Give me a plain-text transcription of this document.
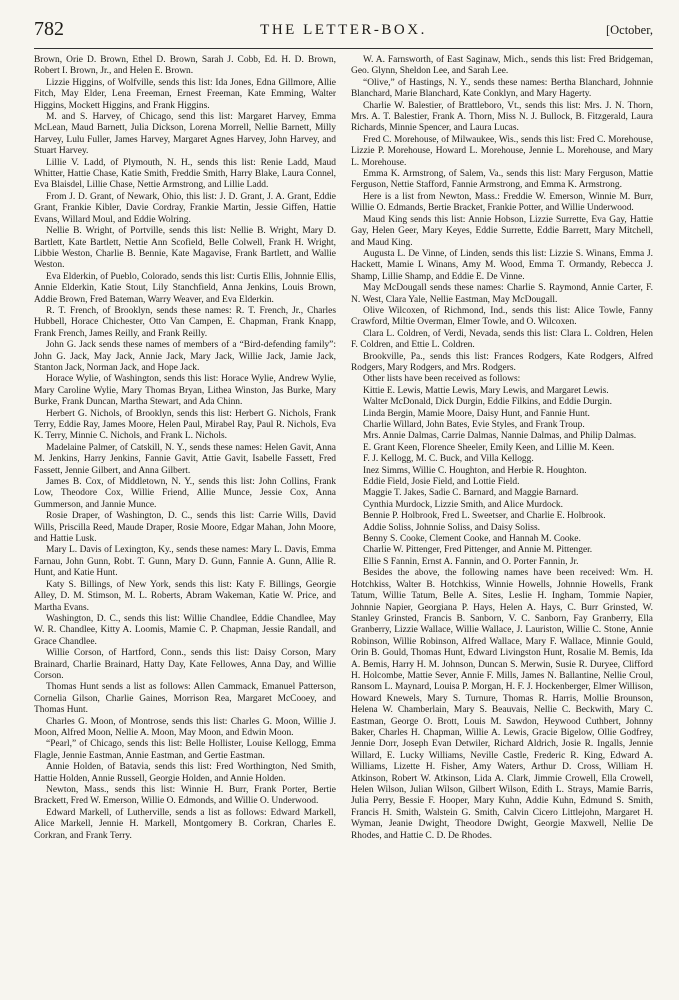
782	THE LETTER-BOX.	[October,

Brown, Orie D. Brown, Ethel D. Brown, Sarah J. Cobb, Ed. H. D. Brown, Robert I. Brown, Jr., and Helen E. Brown.

Lizzie Higgins, of Wolfville, sends this list: Ida Jones, Edna Gillmore, Allie Fitch, May Elder, Lena Freeman, Ernest Freeman, Kate Emming, Walter Higgins, Mockett Higgins, and Frank Higgins.

M. and S. Harvey, of Chicago, send this list: Margaret Harvey, Emma McLean, Maud Barnett, Julia Dickson, Lorena Morrell, Nellie Barnett, Milly Harvey, Lulu Fuller, James Harvey, Margaret Agnes Harvey, John Harvey, and Stuart Harvey.

Lillie V. Ladd, of Plymouth, N. H., sends this list: Renie Ladd, Maud Whitter, Hattie Chase, Katie Smith, Freddie Smith, Harry Blake, Laura Connel, Eva Blaisdel, Lillie Chase, Nettie Armstrong, and Lillie Ladd.

From J. D. Grant, of Newark, Ohio, this list: J. D. Grant, J. A. Grant, Eddie Grant, Frankie Kibler, Davie Cordray, Frankie Martin, Jessie Giffen, Hattie Evans, Willard Moul, and Eddie Wolring.

Nellie B. Wright, of Portville, sends this list: Nellie B. Wright, Mary D. Bartlett, Kate Bartlett, Nettie Ann Scofield, Belle Colwell, Frank H. Wright, Libbie Weston, Charlie B. Bennie, Kate Magavise, Frank Bartlett, and Wallie Weston.

Eva Elderkin, of Pueblo, Colorado, sends this list: Curtis Ellis, Johnnie Ellis, Annie Elderkin, Katie Stout, Lily Stanchfield, Anna Jenkins, Louis Brown, Addie Brown, Fred Bateman, Warry Weaver, and Eva Elderkin.

R. T. French, of Brooklyn, sends these names: R. T. French, Jr., Charles Hubbell, Horace Chichester, Otto Van Campen, E. Chapman, Frank Knapp, Frank French, James Reilly, and Frank Reilly.

John G. Jack sends these names of members of a “Bird-defending family”: John G. Jack, May Jack, Annie Jack, Mary Jack, Willie Jack, Jamie Jack, Stanton Jack, Norman Jack, and Hope Jack.

Horace Wylie, of Washington, sends this list: Horace Wylie, Andrew Wylie, Mary Caroline Wylie, Mary Thomas Bryan, Lithea Winston, Jas Burke, Mary Burke, Frank Duncan, Martha Stewart, and Ada Chinn.

Herbert G. Nichols, of Brooklyn, sends this list: Herbert G. Nichols, Frank Terry, Eddie Ray, James Moore, Helen Paul, Mirabel Ray, Paul R. Nichols, Eva K. Terry, Minnie C. Nichols, and Frank L. Nichols.

Madelaine Palmer, of Catskill, N. Y., sends these names: Helen Gavit, Anna M. Jenkins, Harry Jenkins, Fannie Gavit, Attie Gavit, Isabelle Fassett, Fred Fassett, Jennie Gilbert, and Anna Gilbert.

James B. Cox, of Middletown, N. Y., sends this list: John Collins, Frank Low, Theodore Cox, Willie Friend, Allie Munce, Jessie Cox, Anna Gummerson, and Jannie Munce.

Rosie Draper, of Washington, D. C., sends this list: Carrie Wills, David Wills, Priscilla Reed, Maude Draper, Rosie Moore, Edgar Mahan, John Moore, and Hattie Lusk.

Mary L. Davis of Lexington, Ky., sends these names: Mary L. Davis, Emma Farnau, John Gunn, Robt. T. Gunn, Mary D. Gunn, Fannie A. Gunn, Allie R. Hunt, and Katie Hunt.

Katy S. Billings, of New York, sends this list: Katy F. Billings, Georgie Alley, D. M. Stimson, M. L. Roberts, Abram Wakeman, Katie W. Price, and Martha Evans.

Washington, D. C., sends this list: Willie Chandlee, Eddie Chandlee, May W. R. Chandlee, Kitty A. Loomis, Mamie C. P. Chapman, Jessie Randall, and Grace Chandlee.

Willie Corson, of Hartford, Conn., sends this list: Daisy Corson, Mary Brainard, Charlie Brainard, Hatty Day, Kate Fellowes, Anna Day, and Willie Corson.

Thomas Hunt sends a list as follows: Allen Cammack, Emanuel Patterson, Cornelia Gilson, Charlie Gaines, Morrison Rea, Margaret McCooey, and Thomas Hunt.

Charles G. Moon, of Montrose, sends this list: Charles G. Moon, Willie J. Moon, Alfred Moon, Nellie A. Moon, May Moon, and Edwin Moon.

“Pearl,” of Chicago, sends this list: Belle Hollister, Louise Kellogg, Emma Flagle, Jennie Eastman, Annie Eastman, and Gertie Eastman.

Annie Holden, of Batavia, sends this list: Fred Worthington, Ned Smith, Hattie Holden, Annie Russell, Georgie Holden, and Annie Holden.

Newton, Mass., sends this list: Winnie H. Burr, Frank Porter, Bertie Brackett, Fred W. Emerson, Willie O. Edmonds, and Willie O. Underwood.

Edward Markell, of Lutherville, sends a list as follows: Edward Markell, Alice Markell, Jennie H. Markell, Montgomery B. Corkran, Charles E. Corkran, and Frank Terry.

W. A. Farnsworth, of East Saginaw, Mich., sends this list: Fred Bridgeman, Geo. Glynn, Sheldon Lee, and Sarah Lee.

“Olive,” of Hastings, N. Y., sends these names: Bertha Blanchard, Johnnie Blanchard, Marie Blanchard, Kate Conklyn, and Mary Hagerty.

Charlie W. Balestier, of Brattleboro, Vt., sends this list: Mrs. J. N. Thorn, Mrs. A. T. Balestier, Frank A. Thorn, Miss N. J. Bullock, B. Fitzgerald, Laura Richards, Minnie Spencer, and Laura Lucas.

Fred C. Morehouse, of Milwaukee, Wis., sends this list: Fred C. Morehouse, Lizzie P. Morehouse, Howard L. Morehouse, Jennie L. Morehouse, and Mary L. Morehouse.

Emma K. Armstrong, of Salem, Va., sends this list: Mary Ferguson, Mattie Ferguson, Nettie Stafford, Fannie Armstrong, and Emma K. Armstrong.

Here is a list from Newton, Mass.: Freddie W. Emerson, Winnie M. Burr, Willie O. Edmands, Bertie Bracket, Frankie Potter, and Willie Underwood.

Maud King sends this list: Annie Hobson, Lizzie Surrette, Eva Gay, Hattie Gay, Helen Geer, Mary Keyes, Eddie Surrette, Eddie Barrett, Mary Mitchell, and Maud King.

Augusta L. De Vinne, of Linden, sends this list: Lizzie S. Winans, Emma J. Hackett, Mamie L Winans, Amy M. Wood, Emma T. Ormandy, Rebecca J. Shamp, Lillie Shamp, and Eddie E. De Vinne.

May McDougall sends these names: Charlie S. Raymond, Annie Carter, F. N. West, Clara Yale, Nellie Eastman, May McDougall.

Olive Wilcoxen, of Richmond, Ind., sends this list: Alice Towle, Fanny Crawford, Miltie Overman, Elmer Towle, and O. Wilcoxen.

Clara L. Coldren, of Verdi, Nevada, sends this list: Clara L. Coldren, Helen F. Coldren, and Ettie L. Coldren.

Brookville, Pa., sends this list: Frances Rodgers, Kate Rodgers, Alfred Rodgers, Mary Rodgers, and Mrs. Rodgers.

Other lists have been received as follows:

Kittie E. Lewis, Mattie Lewis, Mary Lewis, and Margaret Lewis.

Walter McDonald, Dick Durgin, Eddie Filkins, and Eddie Durgin.

Linda Bergin, Mamie Moore, Daisy Hunt, and Fannie Hunt.

Charlie Willard, John Bates, Evie Styles, and Frank Troup.

Mrs. Annie Dalmas, Carrie Dalmas, Nannie Dalmas, and Philip Dalmas.

E. Grant Keen, Florence Sheeler, Emily Keen, and Lillie M. Keen.

F. J. Kellogg, M. C. Buck, and Villa Kellogg.

Inez Simms, Willie C. Houghton, and Herbie R. Houghton.

Eddie Field, Josie Field, and Lottie Field.

Maggie T. Jakes, Sadie C. Barnard, and Maggie Barnard.

Cynthia Murdock, Lizzie Smith, and Alice Murdock.

Bennie P. Holbrook, Fred L. Sweetser, and Charlie E. Holbrook.

Addie Soliss, Johnnie Soliss, and Daisy Soliss.

Benny S. Cooke, Clement Cooke, and Hannah M. Cooke.

Charlie W. Pittenger, Fred Pittenger, and Annie M. Pittenger.

Ellie S Fannin, Ernst A. Fannin, and O. Porter Fannin, Jr.

Besides the above, the following names have been received: Wm. H. Hotchkiss, Walter B. Hotchkiss, Winnie Howells, Johnnie Howells, Frank Tatum, Willie Tatum, Belle A. Sites, Leslie H. Ingham, Tommie Napier, Johnnie Napier, Georgiana P. Hays, Helen A. Hays, C. Burr Grinsted, W. Stanley Grinsted, Francis B. Sanborn, V. C. Sanborn, Fay Granberry, Ella Granberry, Lizzie Wallace, Willie Wallace, J. Lauriston, Willie C. Stone, Annie Robinson, Willie Robinson, Alfred Wallace, Mary F. Wallace, Minnie Gould, Orin B. Gould, Thomas Hunt, Edward Livingston Hunt, Rosalie M. Bemis, Ida A. Bemis, Harry H. M. Johnson, Duncan S. Merwin, Susie R. Duryee, Clifford H. Holcombe, Mattie Sever, Annie F. Mills, James N. Ballantine, Nellie Croul, Ransom L. Maynard, Louisa P. Morgan, H. F. J. Hockenberger, Elmer Willison, Howard Knewels, Mary S. Turnure, Thomas R. Harris, Mollie Brounson, Helena W. Chamberlain, Mary S. Beauvais, Nellie C. Beckwith, Mary C. Eastman, George O. Brott, Louis M. Sawdon, Heywood Cuthbert, Johnny Baker, Charles H. Chapman, Willie A. Lewis, Gracie Bigelow, Ollie Godfrey, Jennie Dorr, Joseph Evan Detwiler, Richard Aldrich, Josie R. Ingalls, Jennie Willard, E. Lucky Williams, Neville Castle, Frederic R. King, Edward A. Williams, Lizette H. Fisher, Amy Waters, Arthur D. Cross, William H. Atkinson, Robert W. Atkinson, Lida A. Clark, Jimmie Crowell, Ella Crowell, Helen Wilson, Julian Wilson, Gilbert Wilson, Edith L. Strays, Mamie Barris, Julia Perry, Bessie F. Hooper, Mary Kuhn, Addie Kuhn, Edmund S. Smith, Francis H. Smith, Walstein G. Smith, Calvin Cicero Littlejohn, Margaret H. Wyman, Jeanie Dwight, Theodore Dwight, Georgie Maxwell, Nellie De Rhodes, and Hattie C. D. De Rhodes.
